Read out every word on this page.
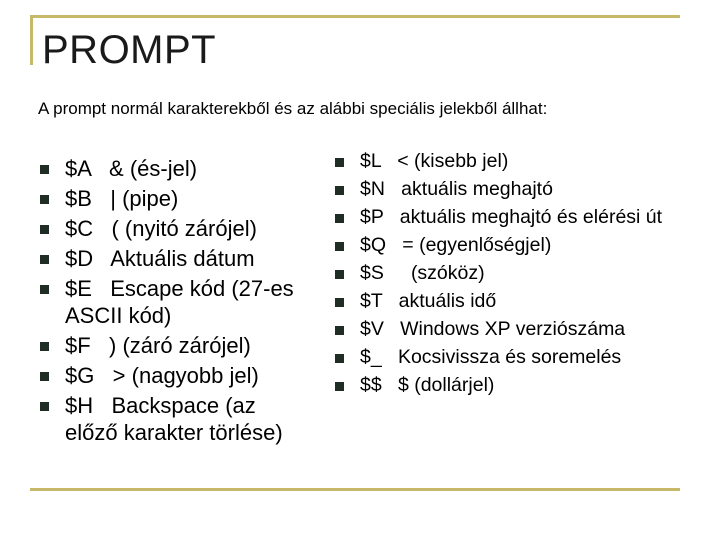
PROMPT
A prompt normál karakterekből és az alábbi speciális jelekből állhat:
$A   & (és-jel)
$B   | (pipe)
$C   ( (nyitó zárójel)
$D   Aktuális dátum
$E   Escape kód (27-es ASCII kód)
$F   ) (záró zárójel)
$G   > (nagyobb jel)
$H   Backspace (az előző karakter törlése)
$L   < (kisebb jel)
$N   aktuális meghajtó
$P   aktuális meghajtó és elérési út
$Q   = (egyenlőségjel)
$S     (szóköz)
$T   aktuális idő
$V   Windows XP verziószáma
$_   Kocsivissza és soremelés
$$   $ (dollárjel)
